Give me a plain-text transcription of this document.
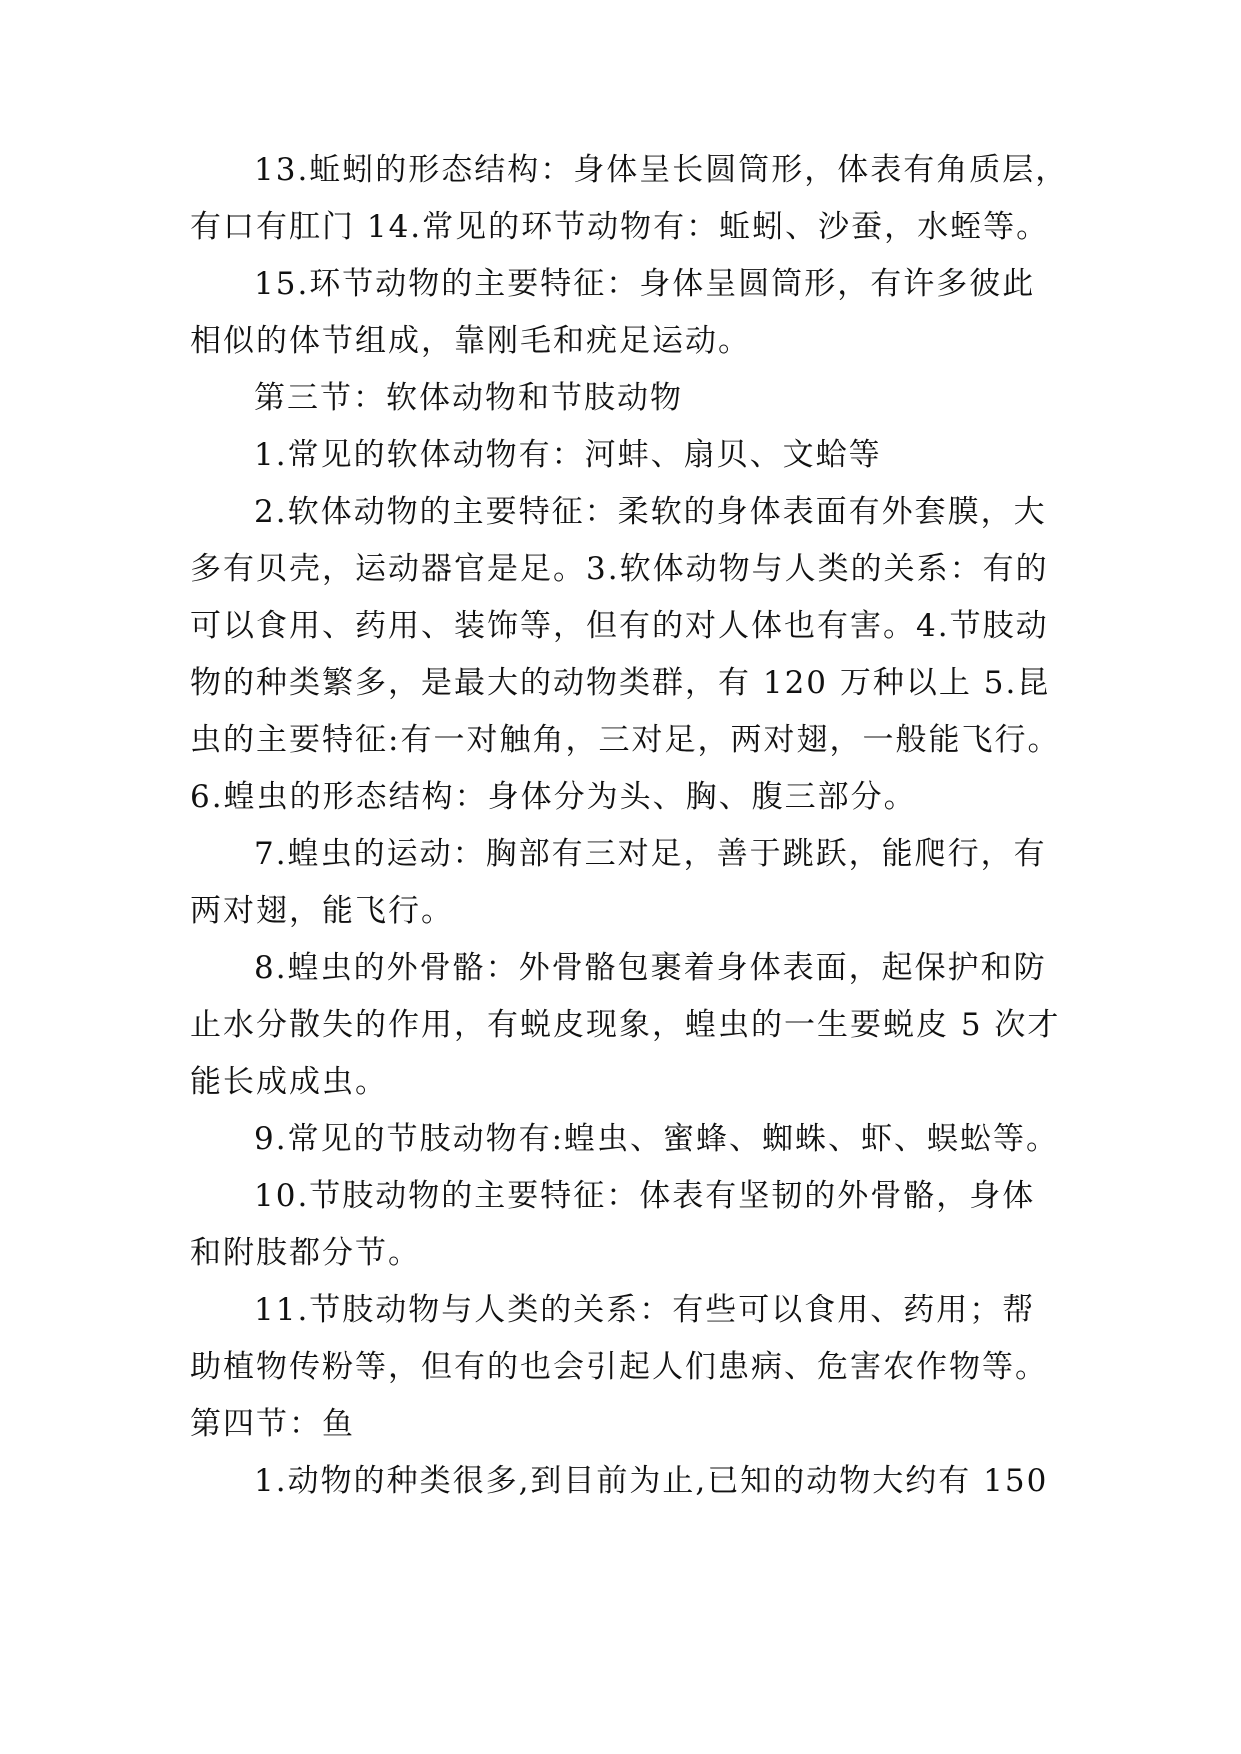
13.蚯蚓的形态结构：身体呈长圆筒形，体表有角质层，
有口有肛门 14.常见的环节动物有：蚯蚓、沙蚕，水蛭等。
15.环节动物的主要特征：身体呈圆筒形，有许多彼此
相似的体节组成，靠刚毛和疣足运动。
第三节：软体动物和节肢动物
1.常见的软体动物有：河蚌、扇贝、文蛤等
2.软体动物的主要特征：柔软的身体表面有外套膜，大
多有贝壳，运动器官是足。3.软体动物与人类的关系：有的
可以食用、药用、装饰等，但有的对人体也有害。4.节肢动
物的种类繁多，是最大的动物类群，有 120 万种以上 5.昆
虫的主要特征:有一对触角，三对足，两对翅，一般能飞行。
6.蝗虫的形态结构：身体分为头、胸、腹三部分。
7.蝗虫的运动：胸部有三对足，善于跳跃，能爬行，有
两对翅，能飞行。
8.蝗虫的外骨骼：外骨骼包裹着身体表面，起保护和防
止水分散失的作用，有蜕皮现象，蝗虫的一生要蜕皮 5 次才
能长成成虫。
9.常见的节肢动物有:蝗虫、蜜蜂、蜘蛛、虾、蜈蚣等。
10.节肢动物的主要特征：体表有坚韧的外骨骼，身体
和附肢都分节。
11.节肢动物与人类的关系：有些可以食用、药用；帮
助植物传粉等，但有的也会引起人们患病、危害农作物等。
第四节：鱼
1.动物的种类很多,到目前为止,已知的动物大约有 150
